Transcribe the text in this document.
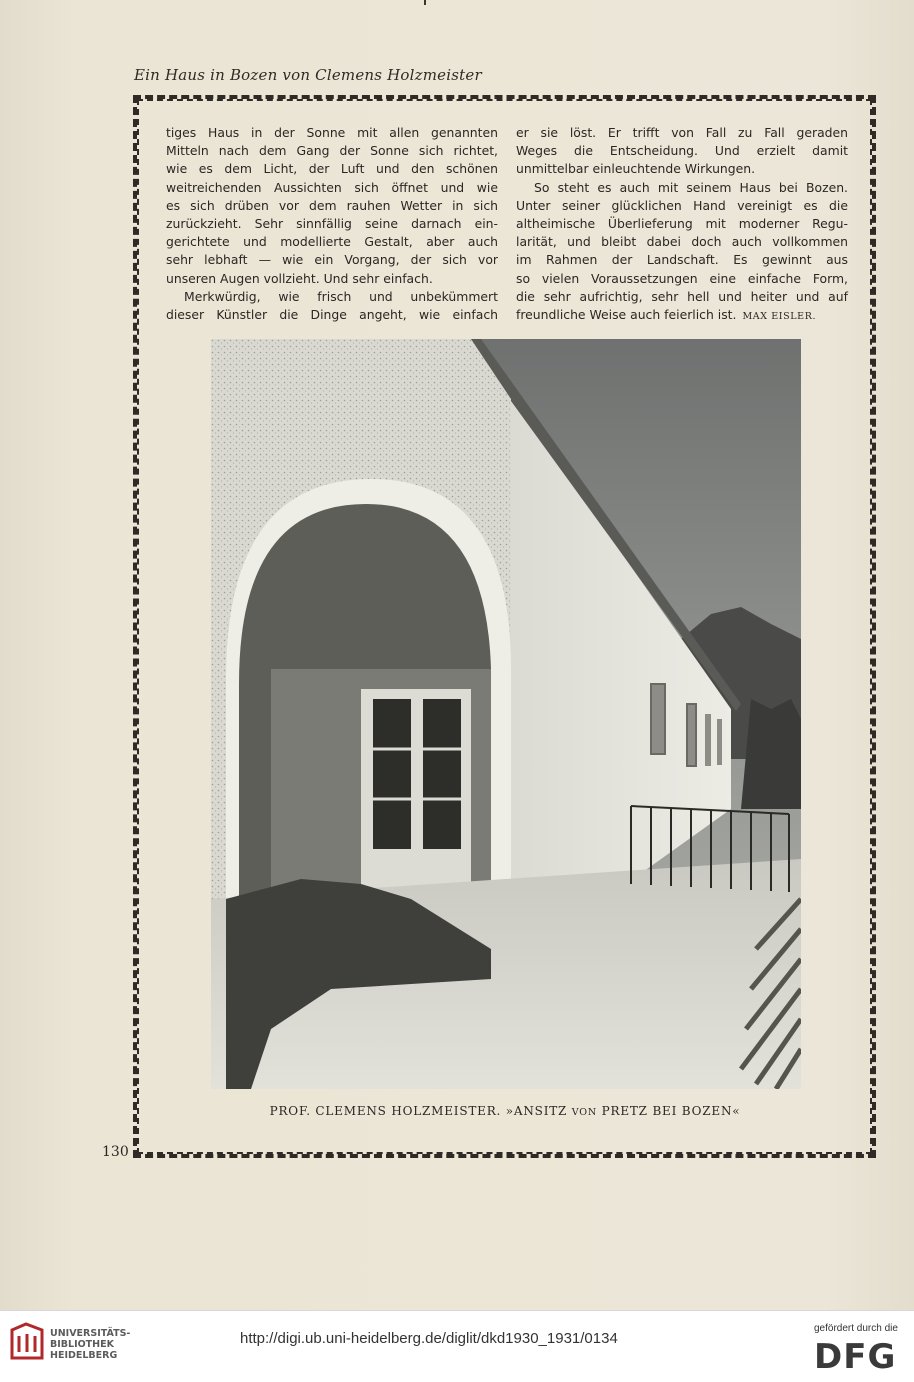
Ein Haus in Bozen von Clemens Holzmeister
tiges Haus in der Sonne mit allen genannten
Mitteln nach dem Gang der Sonne sich richtet,
wie es dem Licht, der Luft und den schönen
weitreichenden Aussichten sich öffnet und wie
es sich drüben vor dem rauhen Wetter in sich
zurückzieht. Sehr sinnfällig seine darnach ein-
gerichtete und modellierte Gestalt, aber auch
sehr lebhaft — wie ein Vorgang, der sich vor
unseren Augen vollzieht. Und sehr einfach.
Merkwürdig, wie frisch und unbekümmert
dieser Künstler die Dinge angeht, wie einfach
er sie löst. Er trifft von Fall zu Fall geraden
Weges die Entscheidung. Und erzielt damit
unmittelbar einleuchtende Wirkungen.
So steht es auch mit seinem Haus bei Bozen.
Unter seiner glücklichen Hand vereinigt es die
altheimische Überlieferung mit moderner Regu-
larität, und bleibt dabei doch auch vollkommen
im Rahmen der Landschaft. Es gewinnt aus
so vielen Voraussetzungen eine einfache Form,
die sehr aufrichtig, sehr hell und heiter und auf
freundliche Weise auch feierlich ist. MAX EISLER.
PROF. CLEMENS HOLZMEISTER. »ANSITZ VON PRETZ BEI BOZEN«
130
UNIVERSITÄTS-
BIBLIOTHEK
HEIDELBERG
http://digi.ub.uni-heidelberg.de/diglit/dkd1930_1931/0134
gefördert durch die
DFG
